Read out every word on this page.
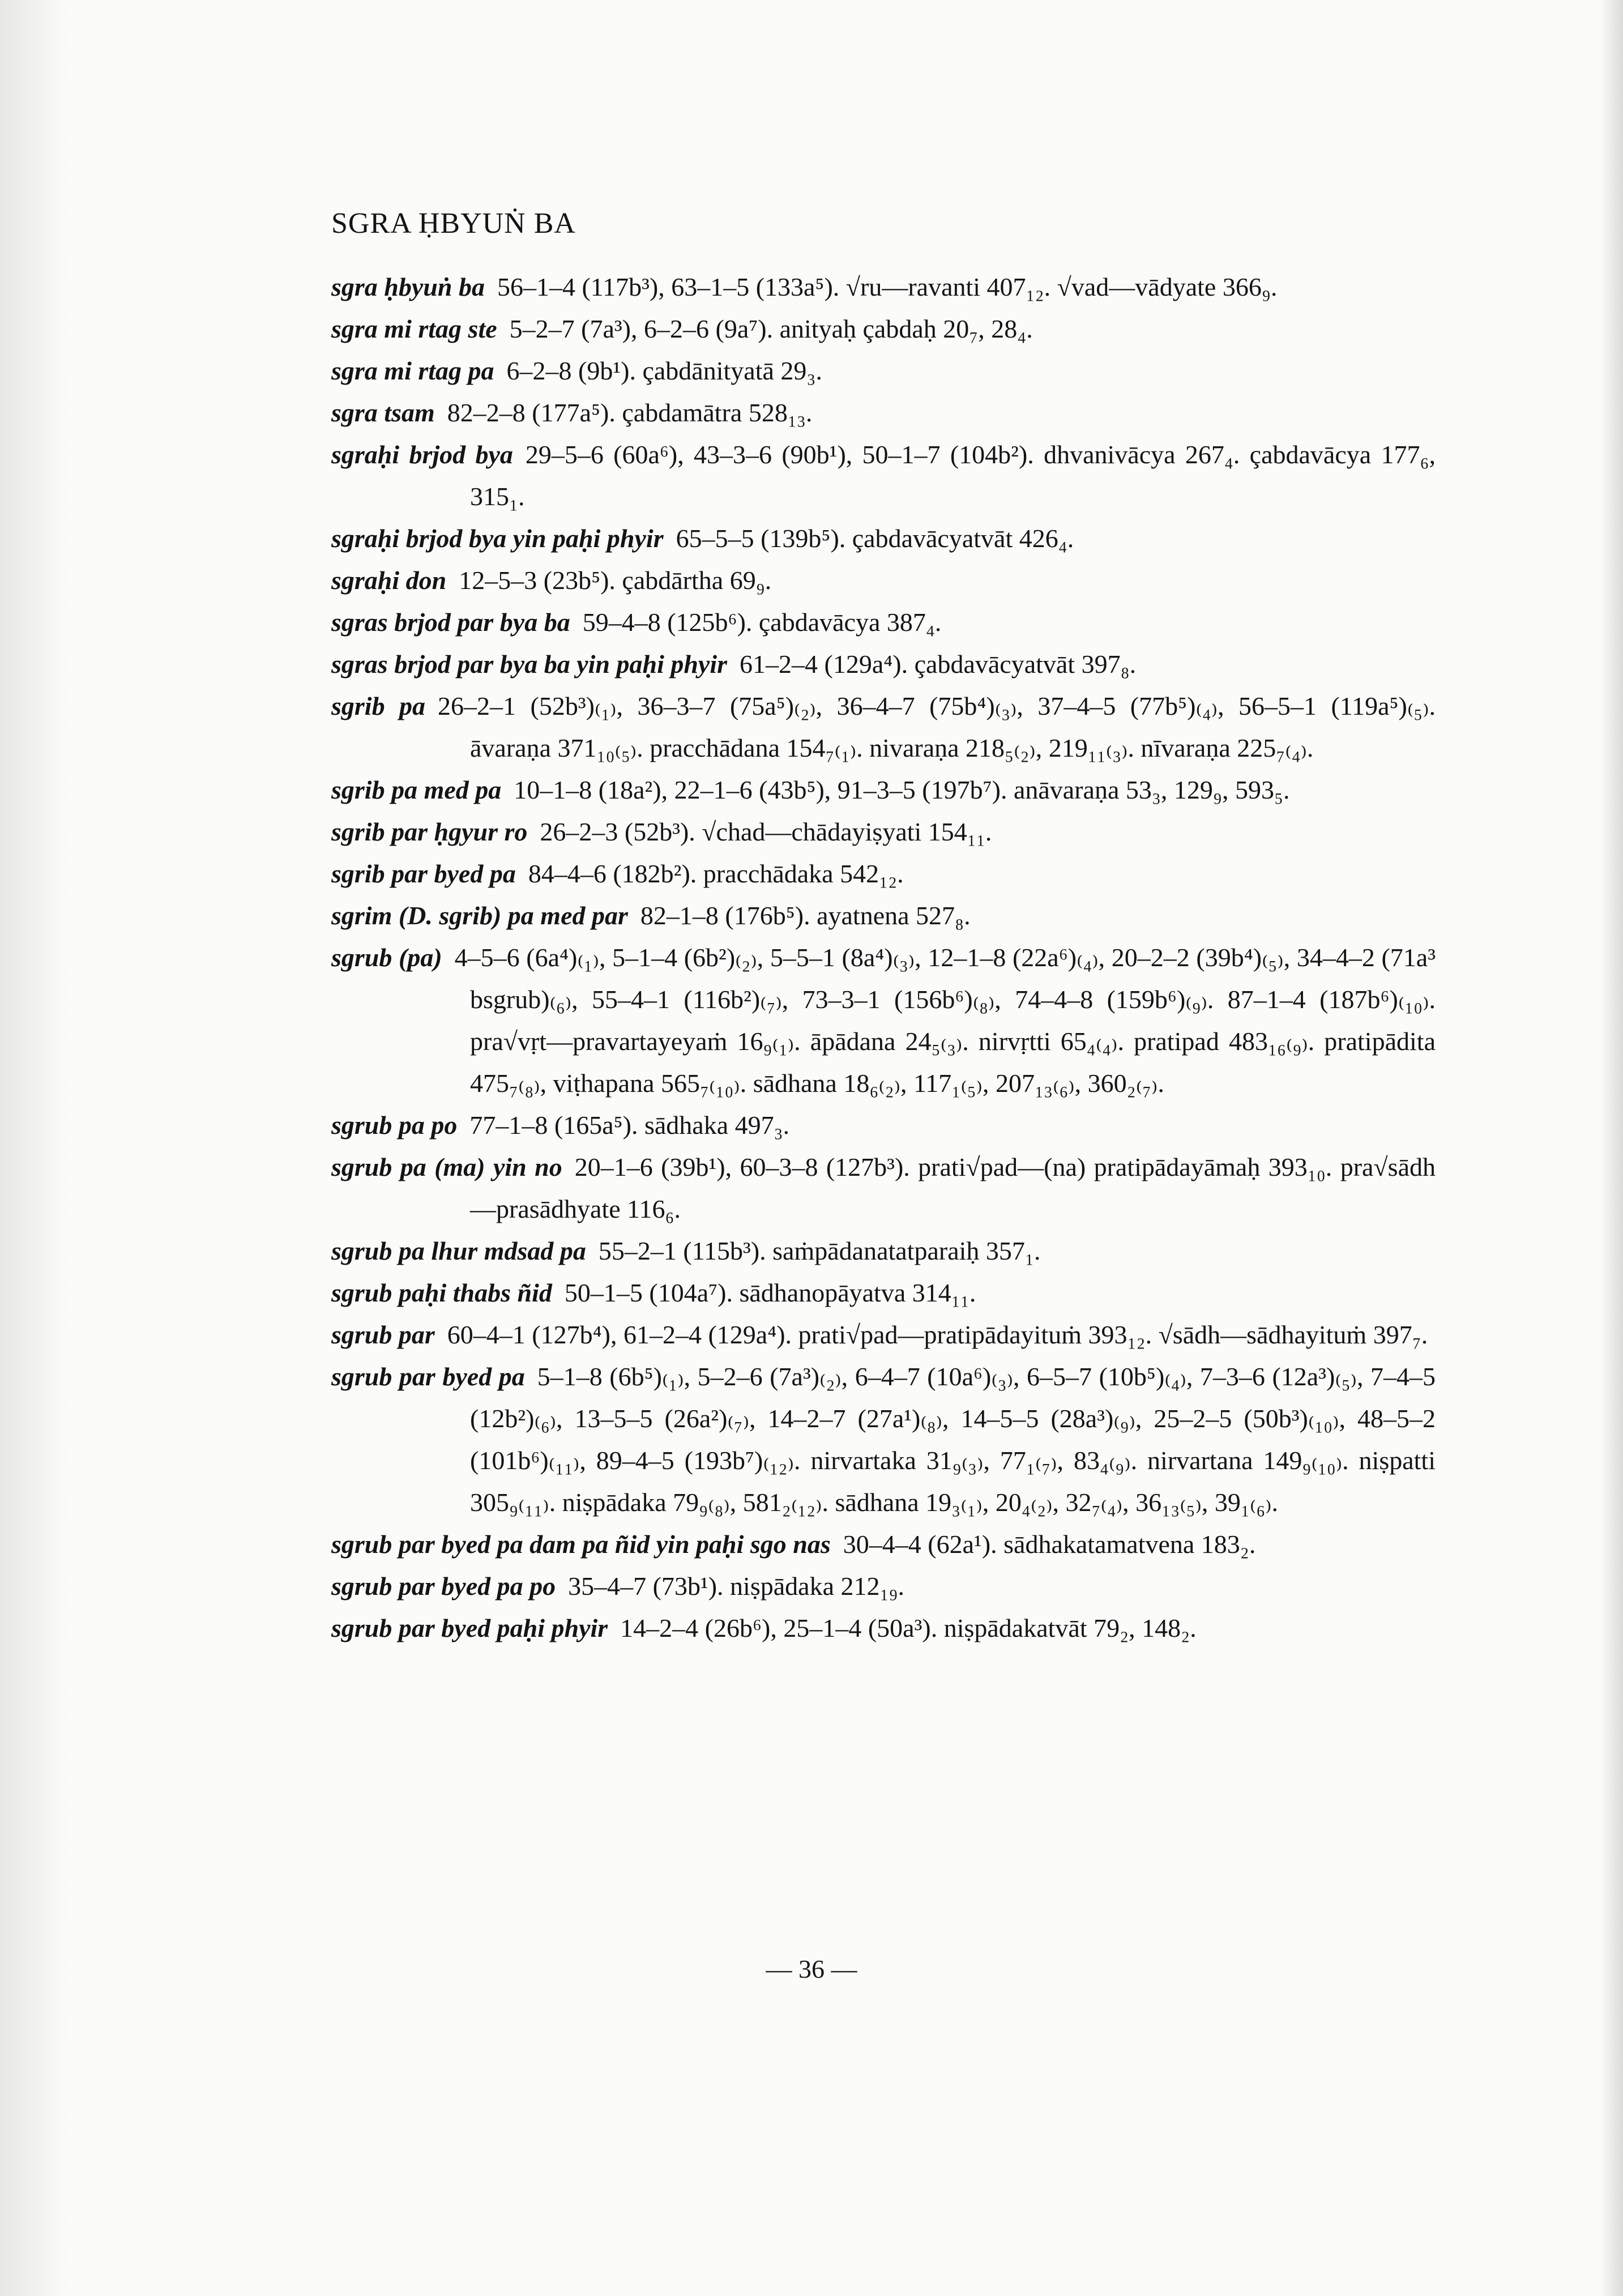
SGRA ḤBYUṄ BA

sgra ḥbyuṅ ba 56–1–4 (117b³), 63–1–5 (133a⁵). √ru—ravanti 407₁₂. √vad—vādyate 366₉.

sgra mi rtag ste 5–2–7 (7a³), 6–2–6 (9a⁷). anityaḥ çabdaḥ 20₇, 28₄.

sgra mi rtag pa 6–2–8 (9b¹). çabdānityatā 29₃.

sgra tsam 82–2–8 (177a⁵). çabdamātra 528₁₃.

sgraḥi brjod bya 29–5–6 (60a⁶), 43–3–6 (90b¹), 50–1–7 (104b²). dhvanivācya 267₄. çabdavācya 177₆, 315₁.

sgraḥi brjod bya yin paḥi phyir 65–5–5 (139b⁵). çabdavācyatvāt 426₄.

sgraḥi don 12–5–3 (23b⁵). çabdārtha 69₉.

sgras brjod par bya ba 59–4–8 (125b⁶). çabdavācya 387₄.

sgras brjod par bya ba yin paḥi phyir 61–2–4 (129a⁴). çabdavācyatvāt 397₈.

sgrib pa 26–2–1 (52b³)₍₁₎, 36–3–7 (75a⁵)₍₂₎, 36–4–7 (75b⁴)₍₃₎, 37–4–5 (77b⁵)₍₄₎, 56–5–1 (119a⁵)₍₅₎. āvaraṇa 371₁₀₍₅₎. pracchādana 154₇₍₁₎. nivaraṇa 218₅₍₂₎, 219₁₁₍₃₎. nīvaraṇa 225₇₍₄₎.

sgrib pa med pa 10–1–8 (18a²), 22–1–6 (43b⁵), 91–3–5 (197b⁷). anāvaraṇa 53₃, 129₉, 593₅.

sgrib par ḥgyur ro 26–2–3 (52b³). √chad—chādayiṣyati 154₁₁.

sgrib par byed pa 84–4–6 (182b²). pracchādaka 542₁₂.

sgrim (D. sgrib) pa med par 82–1–8 (176b⁵). ayatnena 527₈.

sgrub (pa) 4–5–6 (6a⁴)₍₁₎, 5–1–4 (6b²)₍₂₎, 5–5–1 (8a⁴)₍₃₎, 12–1–8 (22a⁶)₍₄₎, 20–2–2 (39b⁴)₍₅₎, 34–4–2 (71a³ bsgrub)₍₆₎, 55–4–1 (116b²)₍₇₎, 73–3–1 (156b⁶)₍₈₎, 74–4–8 (159b⁶)₍₉₎. 87–1–4 (187b⁶)₍₁₀₎. pra√vṛt—pravartayeyaṁ 16₉₍₁₎. āpādana 24₅₍₃₎. nirvṛtti 65₄₍₄₎. pratipad 483₁₆₍₉₎. pratipādita 475₇₍₈₎, viṭhapana 565₇₍₁₀₎. sādhana 18₆₍₂₎, 117₁₍₅₎, 207₁₃₍₆₎, 360₂₍₇₎.

sgrub pa po 77–1–8 (165a⁵). sādhaka 497₃.

sgrub pa (ma) yin no 20–1–6 (39b¹), 60–3–8 (127b³). prati√pad—(na) pratipādayāmaḥ 393₁₀. pra√sādh—prasādhyate 116₆.

sgrub pa lhur mdsad pa 55–2–1 (115b³). saṁpādanatatparaiḥ 357₁.

sgrub paḥi thabs ñid 50–1–5 (104a⁷). sādhanopāyatva 314₁₁.

sgrub par 60–4–1 (127b⁴), 61–2–4 (129a⁴). prati√pad—pratipādayituṁ 393₁₂. √sādh—sādhayituṁ 397₇.

sgrub par byed pa 5–1–8 (6b⁵)₍₁₎, 5–2–6 (7a³)₍₂₎, 6–4–7 (10a⁶)₍₃₎, 6–5–7 (10b⁵)₍₄₎, 7–3–6 (12a³)₍₅₎, 7–4–5 (12b²)₍₆₎, 13–5–5 (26a²)₍₇₎, 14–2–7 (27a¹)₍₈₎, 14–5–5 (28a³)₍₉₎, 25–2–5 (50b³)₍₁₀₎, 48–5–2 (101b⁶)₍₁₁₎, 89–4–5 (193b⁷)₍₁₂₎. nirvartaka 31₉₍₃₎, 77₁₍₇₎, 83₄₍₉₎. nirvartana 149₉₍₁₀₎. niṣpatti 305₉₍₁₁₎. niṣpādaka 79₉₍₈₎, 581₂₍₁₂₎. sādhana 19₃₍₁₎, 20₄₍₂₎, 32₇₍₄₎, 36₁₃₍₅₎, 39₁₍₆₎.

sgrub par byed pa dam pa ñid yin paḥi sgo nas 30–4–4 (62a¹). sādhakatamatvena 183₂.

sgrub par byed pa po 35–4–7 (73b¹). niṣpādaka 212₁₉.

sgrub par byed paḥi phyir 14–2–4 (26b⁶), 25–1–4 (50a³). niṣpādakatvāt 79₂, 148₂.

— 36 —
